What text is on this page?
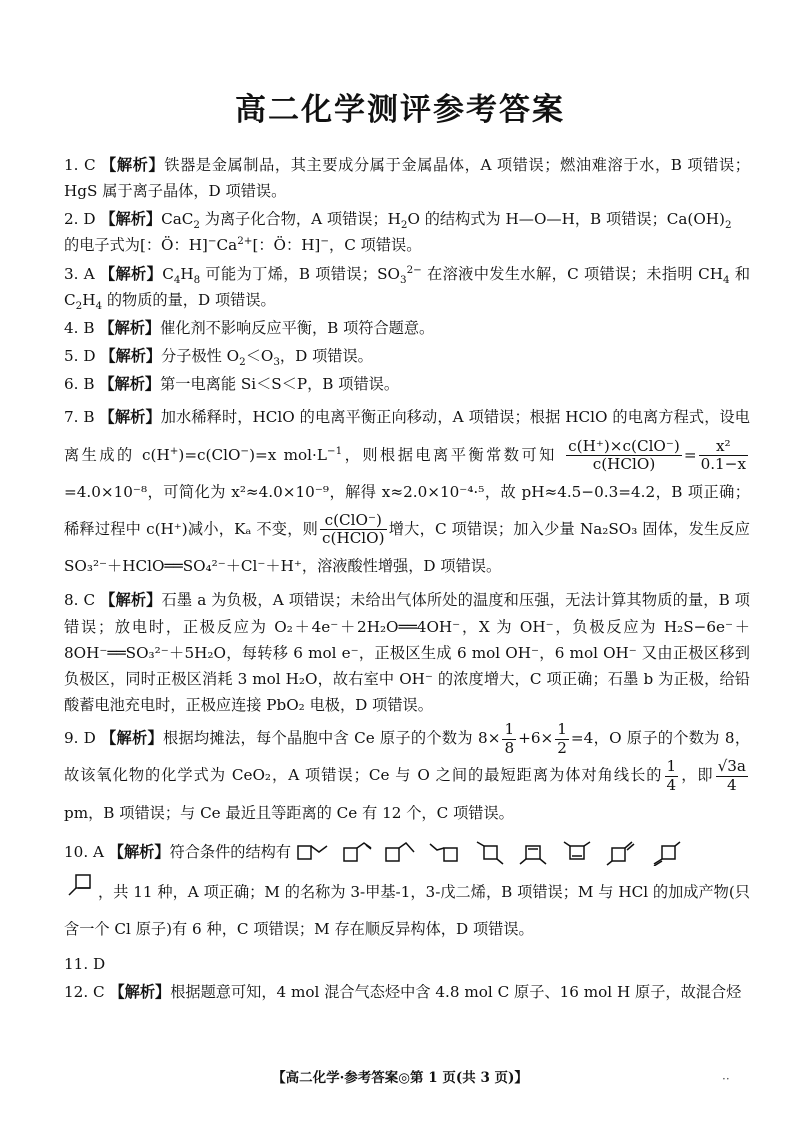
高二化学测评参考答案

1. C 【解析】铁器是金属制品，其主要成分属于金属晶体，A 项错误；燃油难溶于水，B 项错误；HgS 属于离子晶体，D 项错误。

2. D 【解析】CaC$_2$ 为离子化合物，A 项错误；$H_2O$ 的结构式为 H—O—H，B 项错误；$Ca(OH)_2$
的电子式为[：Ö：$H]^-Ca^{2+}$[：Ö：H]−，C 项错误。

3. A 【解析】$C_4H_8$ 可能为丁烯，B 项错误；$SO_3^{2-}$ 在溶液中发生水解，C 项错误；未指明 $CH_4$ 和 $C_2H_4$ 的物质的量，D 项错误。

4. B 【解析】催化剂不影响反应平衡，B 项符合题意。

5. D 【解析】分子极性 $O_2<O_3$，D 项错误。

6. B 【解析】第一电离能 Si＜S＜P，B 项错误。

7. B 【解析】加水稀释时，HClO 的电离平衡正向移动，A 项错误；根据 HClO 的电离方程式，设电离生成的 c(H+)=c(ClO−)=x $mol\cdot L^{-1}$，则根据电离平衡常数可知 $\frac{\text{c(H⁺)×c(ClO⁻)}}{\text{c(HClO)}} = \frac{\text{x²}}{0.1-x}$
=4.0×10⁻⁸，可简化为 x²≈4.0×10⁻⁹，解得 x≈2.0×10⁻⁴·⁵，故 pH≈4.5−0.3=4.2，B 项正确；稀释过程中 c(H⁺)减小，Kₐ 不变，则 $\frac{\text{c(ClO⁻)}}{\text{c(HClO)}}$ 增大，C 项错误；加入少量 Na₂SO₃ 固体，发生反应 SO₃²⁻＋HClO══SO₄²⁻＋Cl⁻＋H⁺，溶液酸性增强，D 项错误。

8. C 【解析】石墨 a 为负极，A 项错误；未给出气体所处的温度和压强，无法计算其物质的量，B 项错误；放电时，正极反应为 O₂＋4e⁻＋2H₂O══4OH⁻，X 为 OH⁻，负极反应为 H₂S−6e⁻＋8OH⁻══SO₃²⁻＋5H₂O，每转移 6 mol e⁻，正极区生成 6 mol OH⁻，6 mol OH⁻ 又由正极区移到负极区，同时正极区消耗 3 mol H₂O，故右室中 OH⁻ 的浓度增大，C 项正确；石墨 b 为正极，给铅酸蓄电池充电时，正极应连接 PbO₂ 电极，D 项错误。

9. D 【解析】根据均摊法，每个晶胞中含 Ce 原子的个数为 $8\times \frac{1}{8} +6\times \frac{1}{2} =4$，O 原子的个数为 8，故该氧化物的化学式为 CeO₂，A 项错误；Ce 与 O 之间的最短距离为体对角线长的 $\frac{1}{4}$ ，即 $\frac{√3a}{4}$
pm，B 项错误；与 Ce 最近且等距离的 Ce 有 12 个，C 项错误。

10. A 【解析】符合条件的结构有

，共 11 种，A 项正确；M 的名称为 3-甲基-1，3-戊二烯，B 项错误；M 与 HCl 的加成产物(只含一个 Cl 原子)有 6 种，C 项错误；M 存在顺反异构体，D 项错误。

11. D

12. C 【解析】根据题意可知，4 mol 混合气态烃中含 4.8 mol C 原子、16 mol H 原子，故混合烃

【高二化学·参考答案◎第 1 页(共 3 页)】	··
